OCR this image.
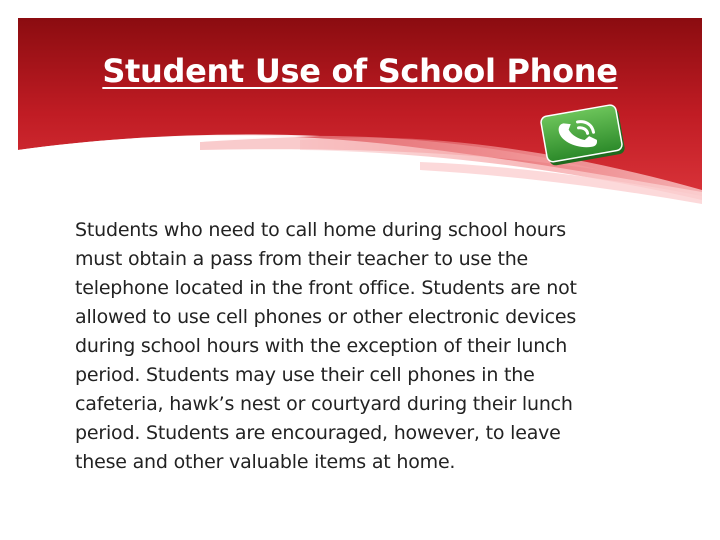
Student Use of School Phone

Students who need to call home during school hours
must obtain a pass from their teacher to use the
telephone located in the front office. Students are not
allowed to use cell phones or other electronic devices
during school hours with the exception of their lunch
period. Students may use their cell phones in the
cafeteria, hawk’s nest or courtyard during their lunch
period. Students are encouraged, however, to leave
these and other valuable items at home.
